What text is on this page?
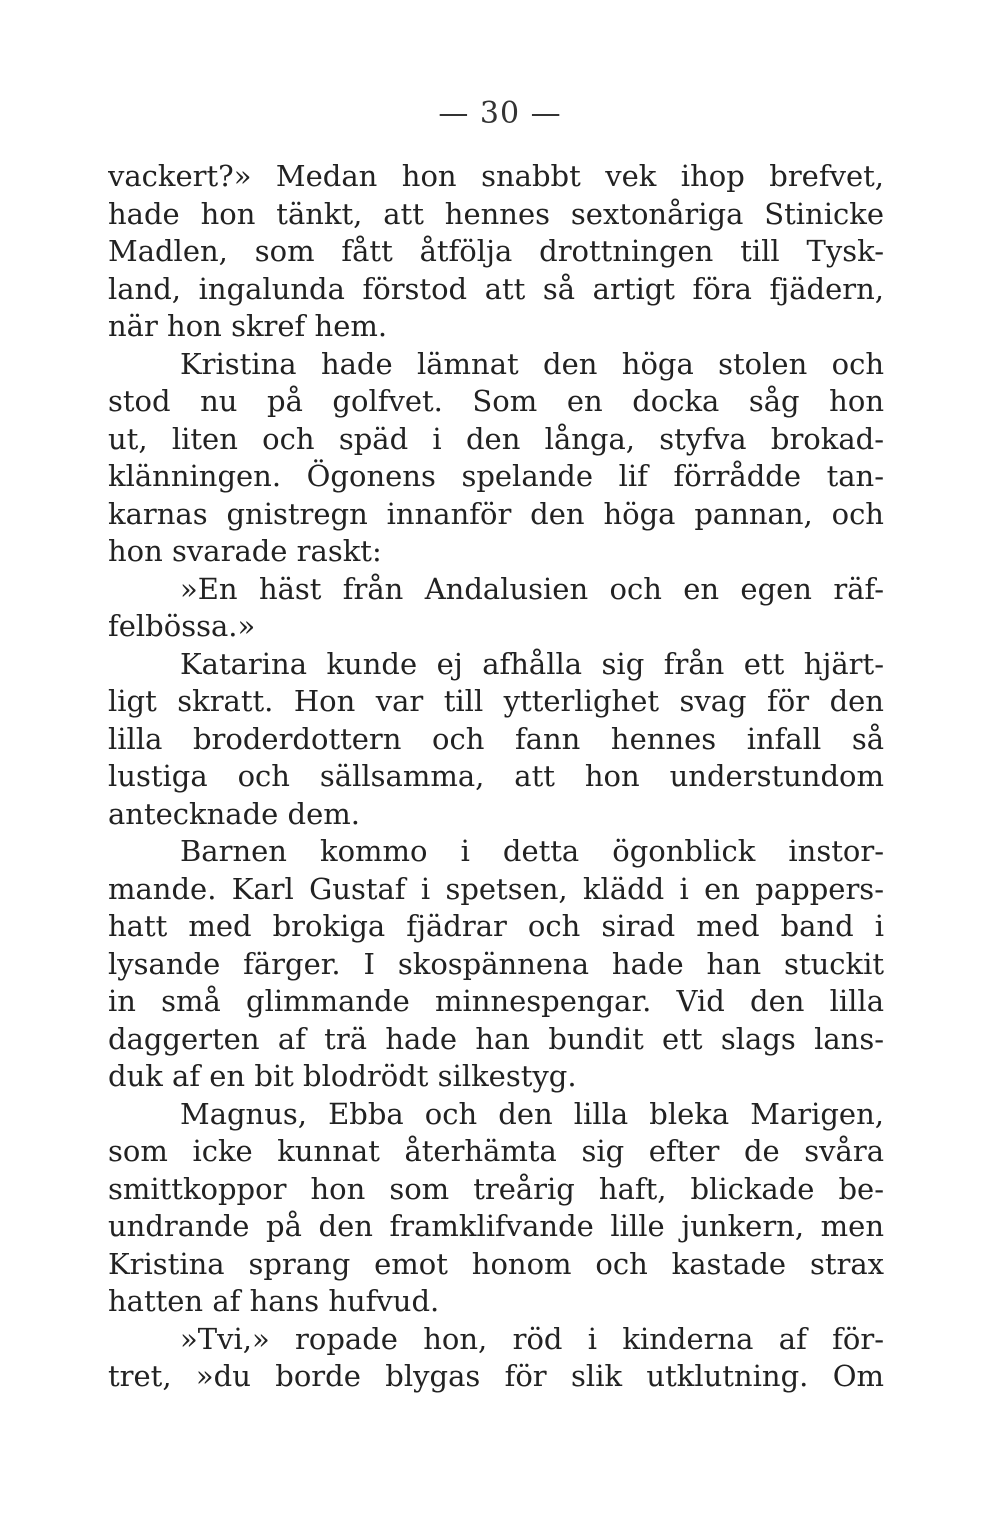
— 30 —
vackert?» Medan hon snabbt vek ihop brefvet,
hade hon tänkt, att hennes sextonåriga Stinicke
Madlen, som fått åtfölja drottningen till Tysk-
land, ingalunda förstod att så artigt föra fjädern,
när hon skref hem.
Kristina hade lämnat den höga stolen och
stod nu på golfvet. Som en docka såg hon
ut, liten och späd i den långa, styfva brokad-
klänningen. Ögonens spelande lif förrådde tan-
karnas gnistregn innanför den höga pannan, och
hon svarade raskt:
»En häst från Andalusien och en egen räf-
felbössa.»
Katarina kunde ej afhålla sig från ett hjärt-
ligt skratt. Hon var till ytterlighet svag för den
lilla broderdottern och fann hennes infall så
lustiga och sällsamma, att hon understundom
antecknade dem.
Barnen kommo i detta ögonblick instor-
mande. Karl Gustaf i spetsen, klädd i en pappers-
hatt med brokiga fjädrar och sirad med band i
lysande färger. I skospännena hade han stuckit
in små glimmande minnespengar. Vid den lilla
daggerten af trä hade han bundit ett slags lans-
duk af en bit blodrödt silkestyg.
Magnus, Ebba och den lilla bleka Marigen,
som icke kunnat återhämta sig efter de svåra
smittkoppor hon som treårig haft, blickade be-
undrande på den framklifvande lille junkern, men
Kristina sprang emot honom och kastade strax
hatten af hans hufvud.
»Tvi,» ropade hon, röd i kinderna af för-
tret, »du borde blygas för slik utklutning. Om
